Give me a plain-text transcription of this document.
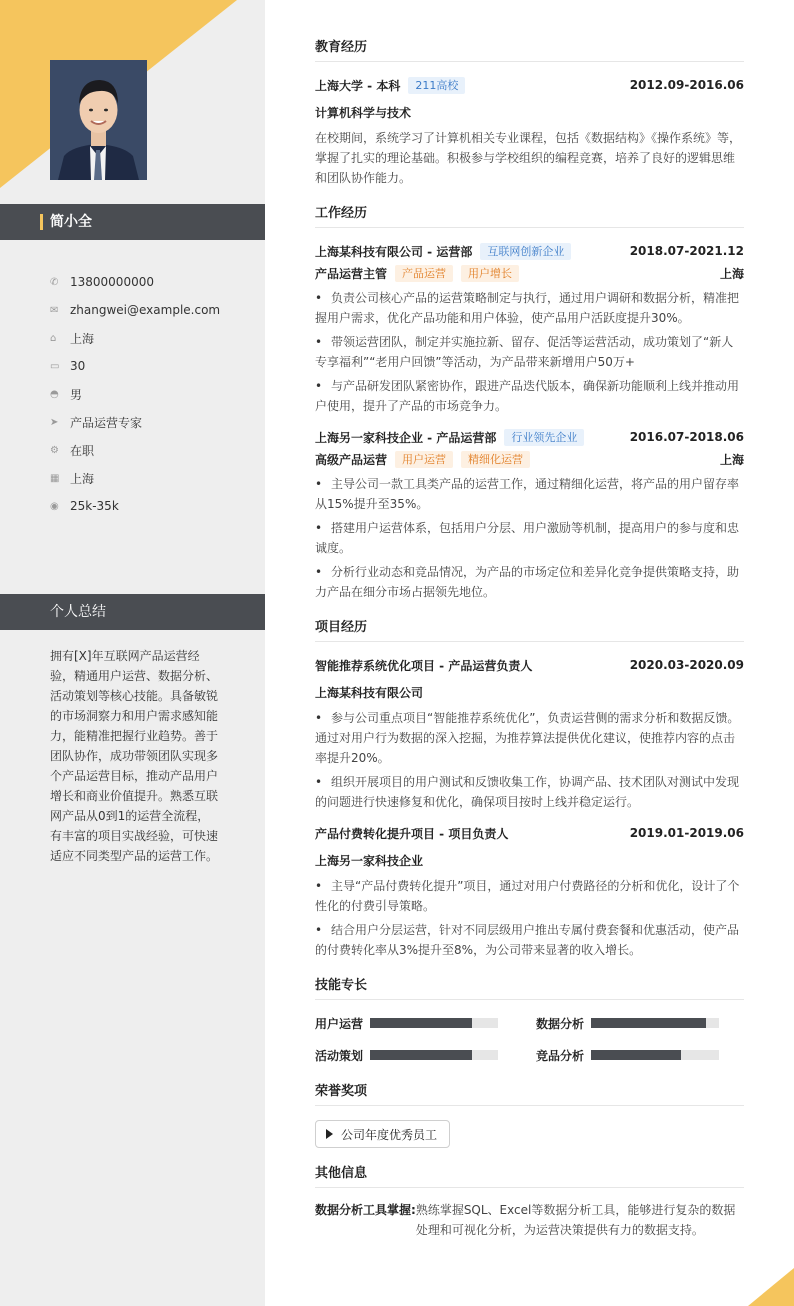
简小全
✆ 13800000000
✉ zhangwei@example.com
⌂	上海
▭ 30
◓ 男
➤ 产品运营专家
⚙ 在职
▦ 上海
◉ 25k-35k
个人总结
拥有[X]年互联网产品运营经验，精通用户运营、数据分析、活动策划等核心技能。具备敏锐的市场洞察力和用户需求感知能力，能精准把握行业趋势。善于团队协作，成功带领团队实现多个产品运营目标，推动产品用户增长和商业价值提升。熟悉互联网产品从0到1的运营全流程，有丰富的项目实战经验，可快速适应不同类型产品的运营工作。
教育经历
上海大学 - 本科	211高校	2012.09-2016.06
计算机科学与技术
在校期间，系统学习了计算机相关专业课程，包括《数据结构》《操作系统》等，掌握了扎实的理论基础。积极参与学校组织的编程竞赛，培养了良好的逻辑思维和团队协作能力。
工作经历
上海某科技有限公司 - 运营部	互联网创新企业	2018.07-2021.12
产品运营主管	产品运营	用户增长	上海
• 负责公司核心产品的运营策略制定与执行，通过用户调研和数据分析，精准把握用户需求，优化产品功能和用户体验，使产品用户活跃度提升30%。
• 带领运营团队，制定并实施拉新、留存、促活等运营活动，成功策划了“新人专享福利”“老用户回馈”等活动，为产品带来新增用户50万+
• 与产品研发团队紧密协作，跟进产品迭代版本，确保新功能顺利上线并推动用户使用，提升了产品的市场竞争力。
上海另一家科技企业 - 产品运营部	行业领先企业	2016.07-2018.06
高级产品运营	用户运营	精细化运营	上海
• 主导公司一款工具类产品的运营工作，通过精细化运营，将产品的用户留存率从15%提升至35%。
• 搭建用户运营体系，包括用户分层、用户激励等机制，提高用户的参与度和忠诚度。
• 分析行业动态和竞品情况，为产品的市场定位和差异化竞争提供策略支持，助力产品在细分市场占据领先地位。
项目经历
智能推荐系统优化项目 - 产品运营负责人	2020.03-2020.09
上海某科技有限公司
• 参与公司重点项目“智能推荐系统优化”，负责运营侧的需求分析和数据反馈。通过对用户行为数据的深入挖掘，为推荐算法提供优化建议，使推荐内容的点击率提升20%。
• 组织开展项目的用户测试和反馈收集工作，协调产品、技术团队对测试中发现的问题进行快速修复和优化，确保项目按时上线并稳定运行。
产品付费转化提升项目 - 项目负责人	2019.01-2019.06
上海另一家科技企业
• 主导“产品付费转化提升”项目，通过对用户付费路径的分析和优化，设计了个性化的付费引导策略。
• 结合用户分层运营，针对不同层级用户推出专属付费套餐和优惠活动，使产品的付费转化率从3%提升至8%，为公司带来显著的收入增长。
技能专长
用户运营	数据分析
活动策划	竞品分析
荣誉奖项
公司年度优秀员工
其他信息
数据分析工具掌握: 熟练掌握SQL、Excel等数据分析工具，能够进行复杂的数据处理和可视化分析，为运营决策提供有力的数据支持。
